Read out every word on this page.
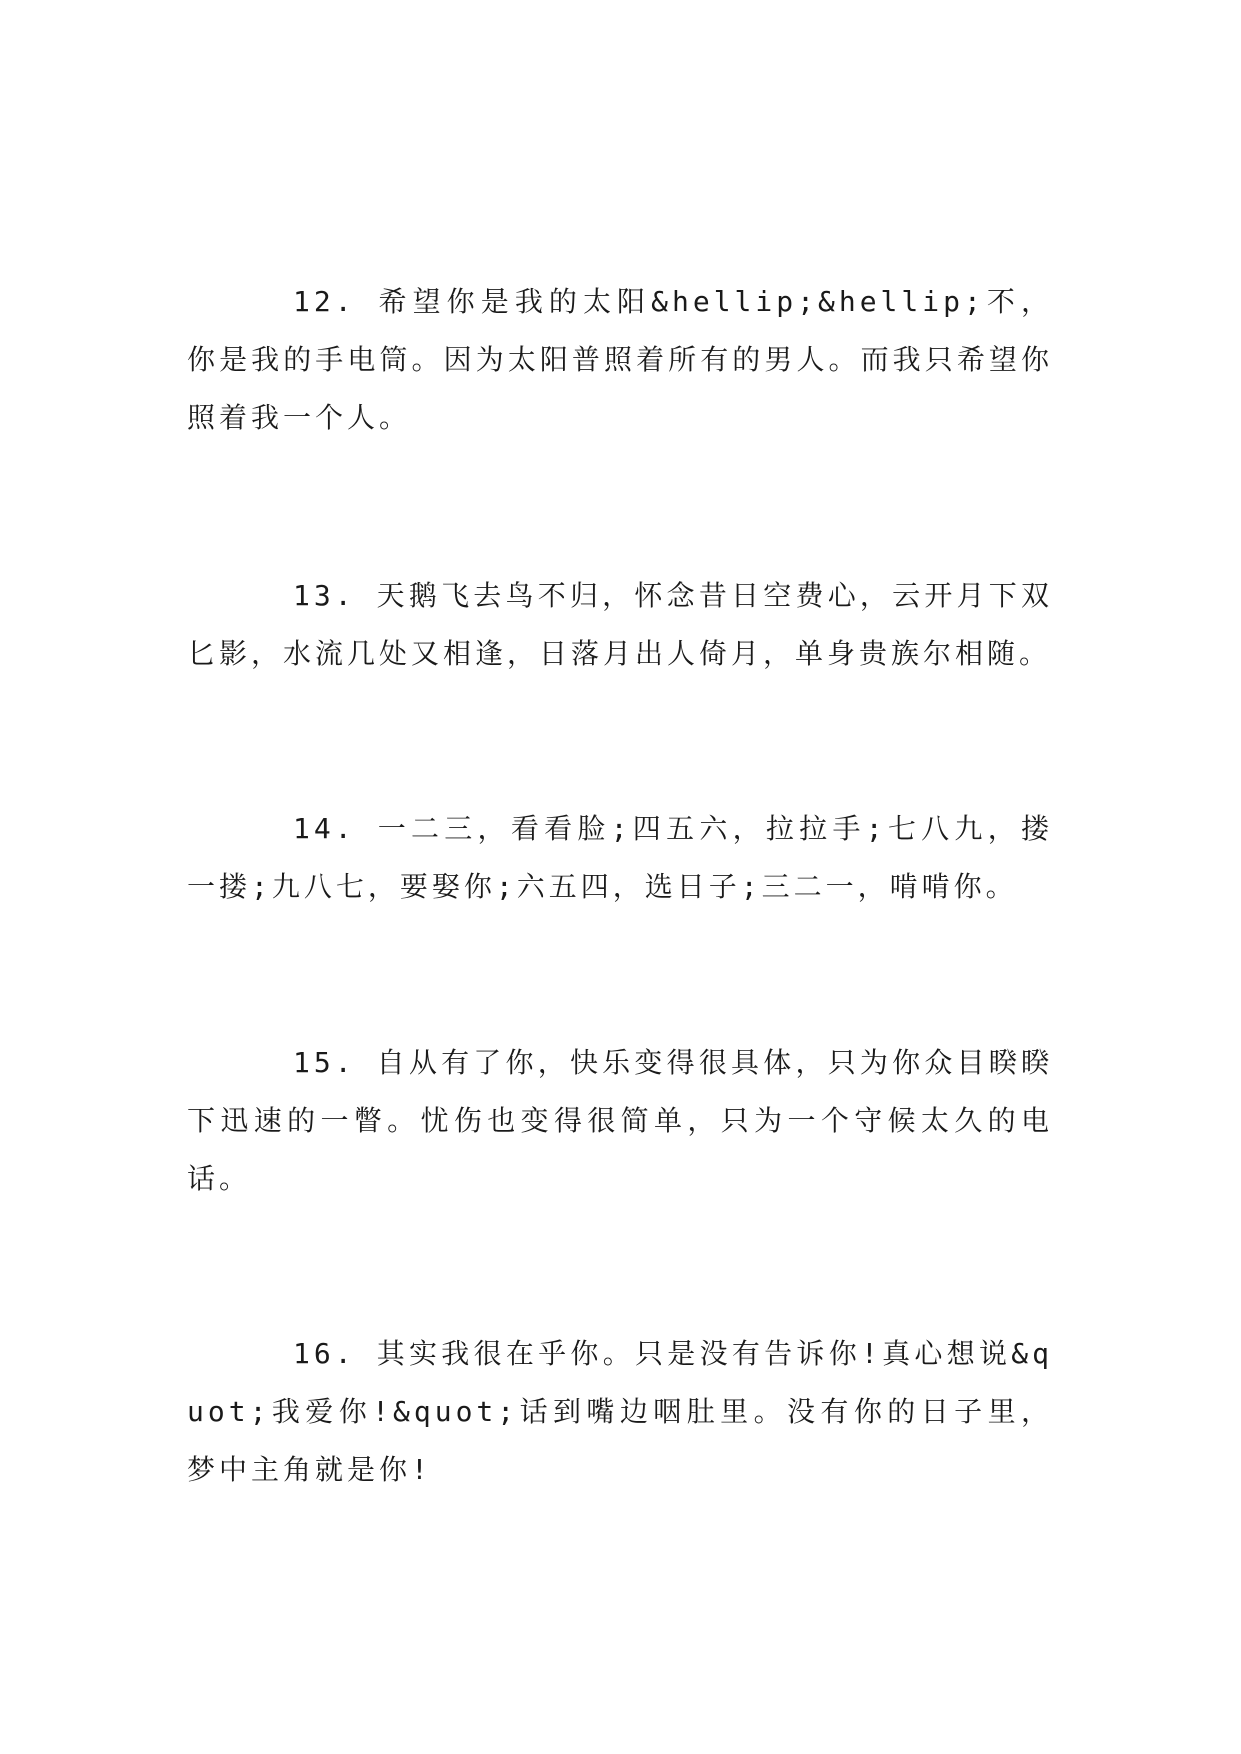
12. 希望你是我的太阳&hellip;&hellip;不，你是我的手电筒。因为太阳普照着所有的男人。而我只希望你照着我一个人。

13. 天鹅飞去鸟不归，怀念昔日空费心，云开月下双匕影，水流几处又相逢，日落月出人倚月，单身贵族尔相随。

14. 一二三，看看脸;四五六，拉拉手;七八九，搂一搂;九八七，要娶你;六五四，选日子;三二一，啃啃你。

15. 自从有了你，快乐变得很具体，只为你众目睽睽下迅速的一瞥。忧伤也变得很简单，只为一个守候太久的电话。

16. 其实我很在乎你。只是没有告诉你!真心想说&quot;我爱你!&quot;话到嘴边咽肚里。没有你的日子里，梦中主角就是你!
